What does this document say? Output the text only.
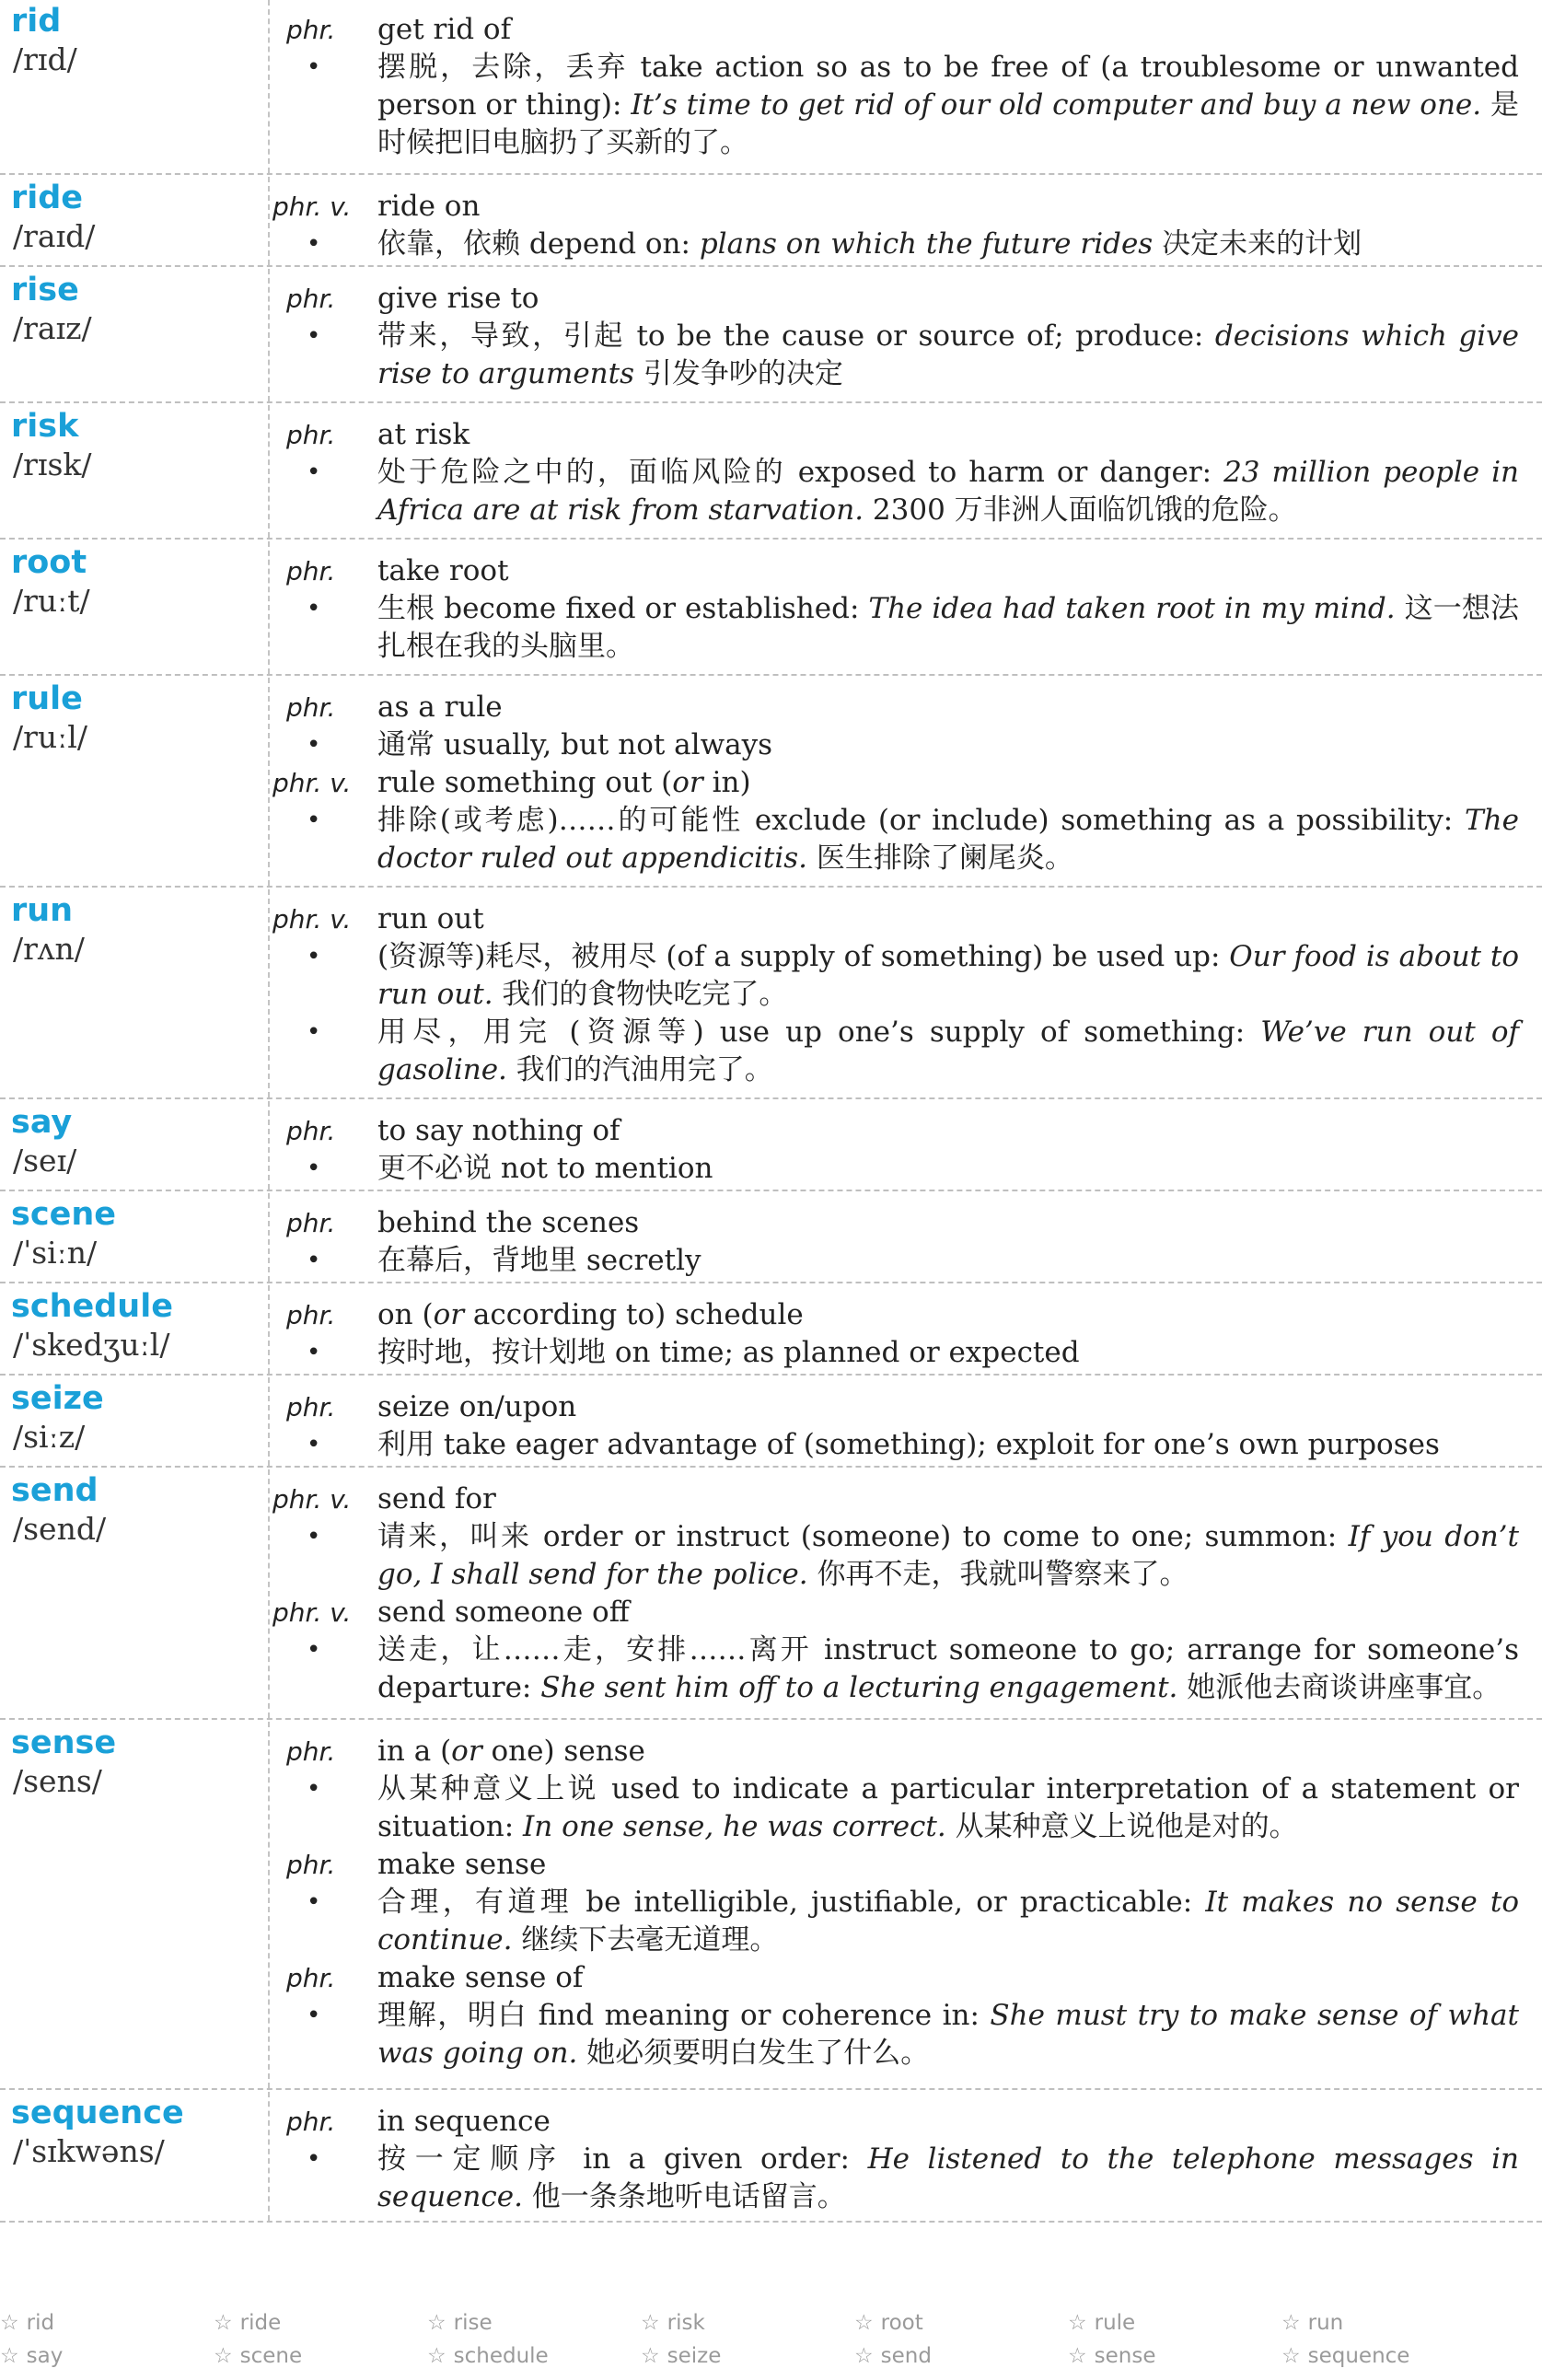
rid
/rɪd/
phr. get rid of
• 摆脱，去除，丢弃 take action so as to be free of (a troublesome or unwanted person or thing): It’s time to get rid of our old computer and buy a new one. 是时候把旧电脑扔了买新的了。
ride
/raɪd/
phr. v. ride on
• 依靠，依赖 depend on: plans on which the future rides 决定未来的计划
rise
/raɪz/
phr. give rise to
• 带来，导致，引起 to be the cause or source of; produce: decisions which give rise to arguments 引发争吵的决定
risk
/rɪsk/
phr. at risk
• 处于危险之中的，面临风险的 exposed to harm or danger: 23 million people in Africa are at risk from starvation. 2300 万非洲人面临饥饿的危险。
root
/ruːt/
phr. take root
• 生根 become fixed or established: The idea had taken root in my mind. 这一想法扎根在我的头脑里。
rule
/ruːl/
phr. as a rule
• 通常 usually, but not always
phr. v. rule something out (or in)
• 排除(或考虑)……的可能性 exclude (or include) something as a possibility: The doctor ruled out appendicitis. 医生排除了阑尾炎。
run
/rʌn/
phr. v. run out
• (资源等)耗尽，被用尽 (of a supply of something) be used up: Our food is about to run out. 我们的食物快吃完了。
• 用尽，用完 (资源等) use up one’s supply of something: We’ve run out of gasoline. 我们的汽油用完了。
say
/seɪ/
phr. to say nothing of
• 更不必说 not to mention
scene
/ˈsiːn/
phr. behind the scenes
• 在幕后，背地里 secretly
schedule
/ˈskedʒuːl/
phr. on (or according to) schedule
• 按时地，按计划地 on time; as planned or expected
seize
/siːz/
phr. seize on/upon
• 利用 take eager advantage of (something); exploit for one’s own purposes
send
/send/
phr. v. send for
• 请来，叫来 order or instruct (someone) to come to one; summon: If you don’t go, I shall send for the police. 你再不走，我就叫警察来了。
phr. v. send someone off
• 送走，让……走，安排……离开 instruct someone to go; arrange for someone’s departure: She sent him off to a lecturing engagement. 她派他去商谈讲座事宜。
sense
/sens/
phr. in a (or one) sense
• 从某种意义上说 used to indicate a particular interpretation of a statement or situation: In one sense, he was correct. 从某种意义上说他是对的。
phr. make sense
• 合理，有道理 be intelligible, justifiable, or practicable: It makes no sense to continue. 继续下去毫无道理。
phr. make sense of
• 理解，明白 find meaning or coherence in: She must try to make sense of what was going on. 她必须要明白发生了什么。
sequence
/ˈsɪkwəns/
phr. in sequence
• 按一定顺序 in a given order: He listened to the telephone messages in sequence. 他一条条地听电话留言。
☆ rid	☆ ride	☆ rise	☆ risk	☆ root	☆ rule	☆ run
☆ say	☆ scene	☆ schedule	☆ seize	☆ send	☆ sense	☆ sequence
